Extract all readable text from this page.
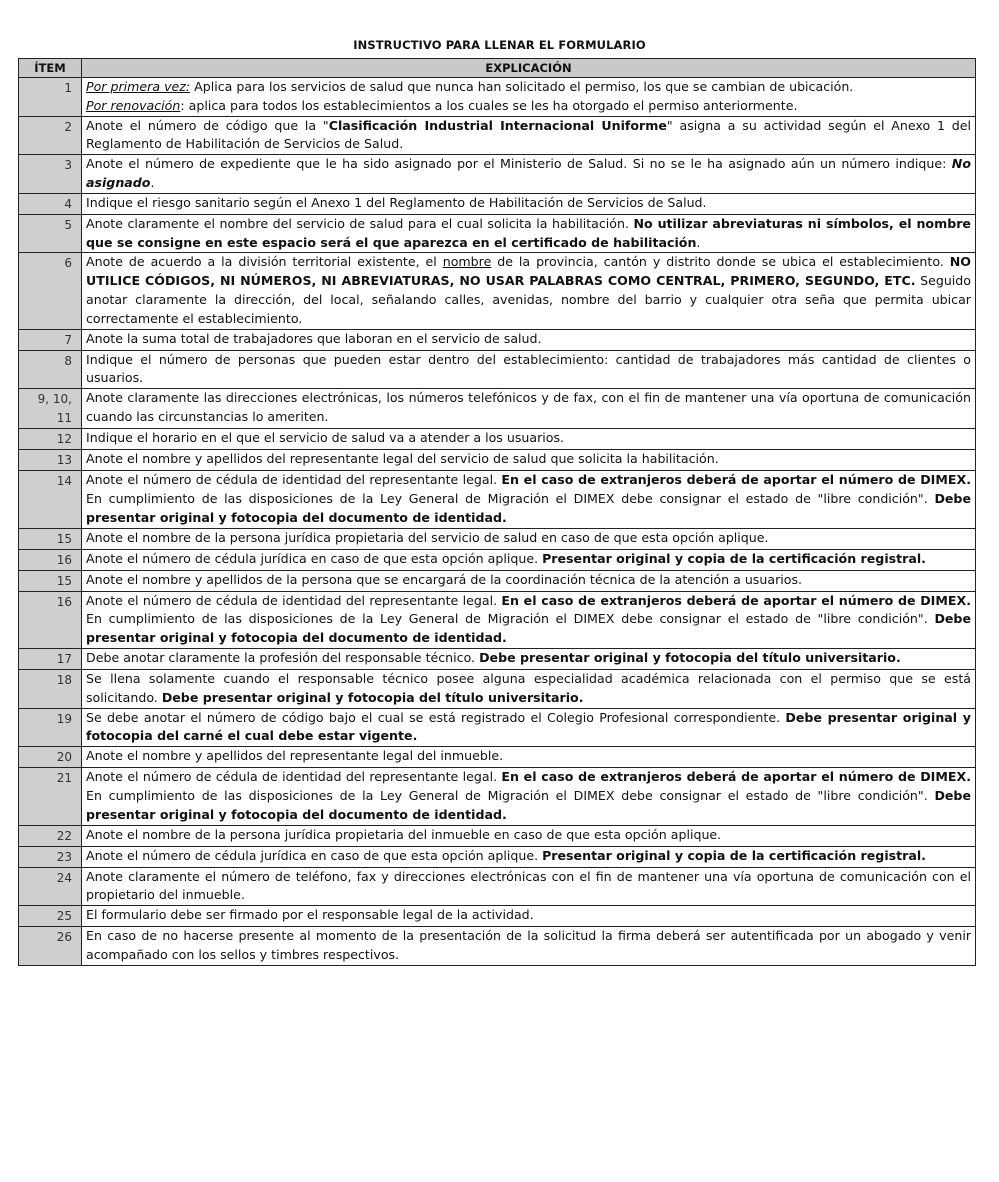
INSTRUCTIVO PARA LLENAR EL FORMULARIO
ÍTEM	EXPLICACIÓN
1	Por primera vez: Aplica para los servicios de salud que nunca han solicitado el permiso, los que se cambian de ubicación.
Por renovación: aplica para todos los establecimientos a los cuales se les ha otorgado el permiso anteriormente.
2	Anote el número de código que la "Clasificación Industrial Internacional Uniforme" asigna a su actividad según el Anexo 1 del Reglamento de Habilitación de Servicios de Salud.
3	Anote el número de expediente que le ha sido asignado por el Ministerio de Salud. Si no se le ha asignado aún un número indique: No asignado.
4	Indique el riesgo sanitario según el Anexo 1 del Reglamento de Habilitación de Servicios de Salud.
5	Anote claramente el nombre del servicio de salud para el cual solicita la habilitación. No utilizar abreviaturas ni símbolos, el nombre que se consigne en este espacio será el que aparezca en el certificado de habilitación.
6	Anote de acuerdo a la división territorial existente, el nombre de la provincia, cantón y distrito donde se ubica el establecimiento. NO UTILICE CÓDIGOS, NI NÚMEROS, NI ABREVIATURAS, NO USAR PALABRAS COMO CENTRAL, PRIMERO, SEGUNDO, ETC. Seguido anotar claramente la dirección, del local, señalando calles, avenidas, nombre del barrio y cualquier otra seña que permita ubicar correctamente el establecimiento.
7	Anote la suma total de trabajadores que laboran en el servicio de salud.
8	Indique el número de personas que pueden estar dentro del establecimiento: cantidad de trabajadores más cantidad de clientes o usuarios.
9, 10, 11	Anote claramente las direcciones electrónicas, los números telefónicos y de fax, con el fin de mantener una vía oportuna de comunicación cuando las circunstancias lo ameriten.
12	Indique el horario en el que el servicio de salud va a atender a los usuarios.
13	Anote el nombre y apellidos del representante legal del servicio de salud que solicita la habilitación.
14	Anote el número de cédula de identidad del representante legal. En el caso de extranjeros deberá de aportar el número de DIMEX. En cumplimiento de las disposiciones de la Ley General de Migración el DIMEX debe consignar el estado de "libre condición". Debe presentar original y fotocopia del documento de identidad.
15	Anote el nombre de la persona jurídica propietaria del servicio de salud en caso de que esta opción aplique.
16	Anote el número de cédula jurídica en caso de que esta opción aplique. Presentar original y copia de la certificación registral.
15	Anote el nombre y apellidos de la persona que se encargará de la coordinación técnica de la atención a usuarios.
16	Anote el número de cédula de identidad del representante legal. En el caso de extranjeros deberá de aportar el número de DIMEX. En cumplimiento de las disposiciones de la Ley General de Migración el DIMEX debe consignar el estado de "libre condición". Debe presentar original y fotocopia del documento de identidad.
17	Debe anotar claramente la profesión del responsable técnico. Debe presentar original y fotocopia del título universitario.
18	Se llena solamente cuando el responsable técnico posee alguna especialidad académica relacionada con el permiso que se está solicitando. Debe presentar original y fotocopia del título universitario.
19	Se debe anotar el número de código bajo el cual se está registrado el Colegio Profesional correspondiente. Debe presentar original y fotocopia del carné el cual debe estar vigente.
20	Anote el nombre y apellidos del representante legal del inmueble.
21	Anote el número de cédula de identidad del representante legal. En el caso de extranjeros deberá de aportar el número de DIMEX. En cumplimiento de las disposiciones de la Ley General de Migración el DIMEX debe consignar el estado de "libre condición". Debe presentar original y fotocopia del documento de identidad.
22	Anote el nombre de la persona jurídica propietaria del inmueble en caso de que esta opción aplique.
23	Anote el número de cédula jurídica en caso de que esta opción aplique. Presentar original y copia de la certificación registral.
24	Anote claramente el número de teléfono, fax y direcciones electrónicas con el fin de mantener una vía oportuna de comunicación con el propietario del inmueble.
25	El formulario debe ser firmado por el responsable legal de la actividad.
26	En caso de no hacerse presente al momento de la presentación de la solicitud la firma deberá ser autentificada por un abogado y venir acompañado con los sellos y timbres respectivos.
